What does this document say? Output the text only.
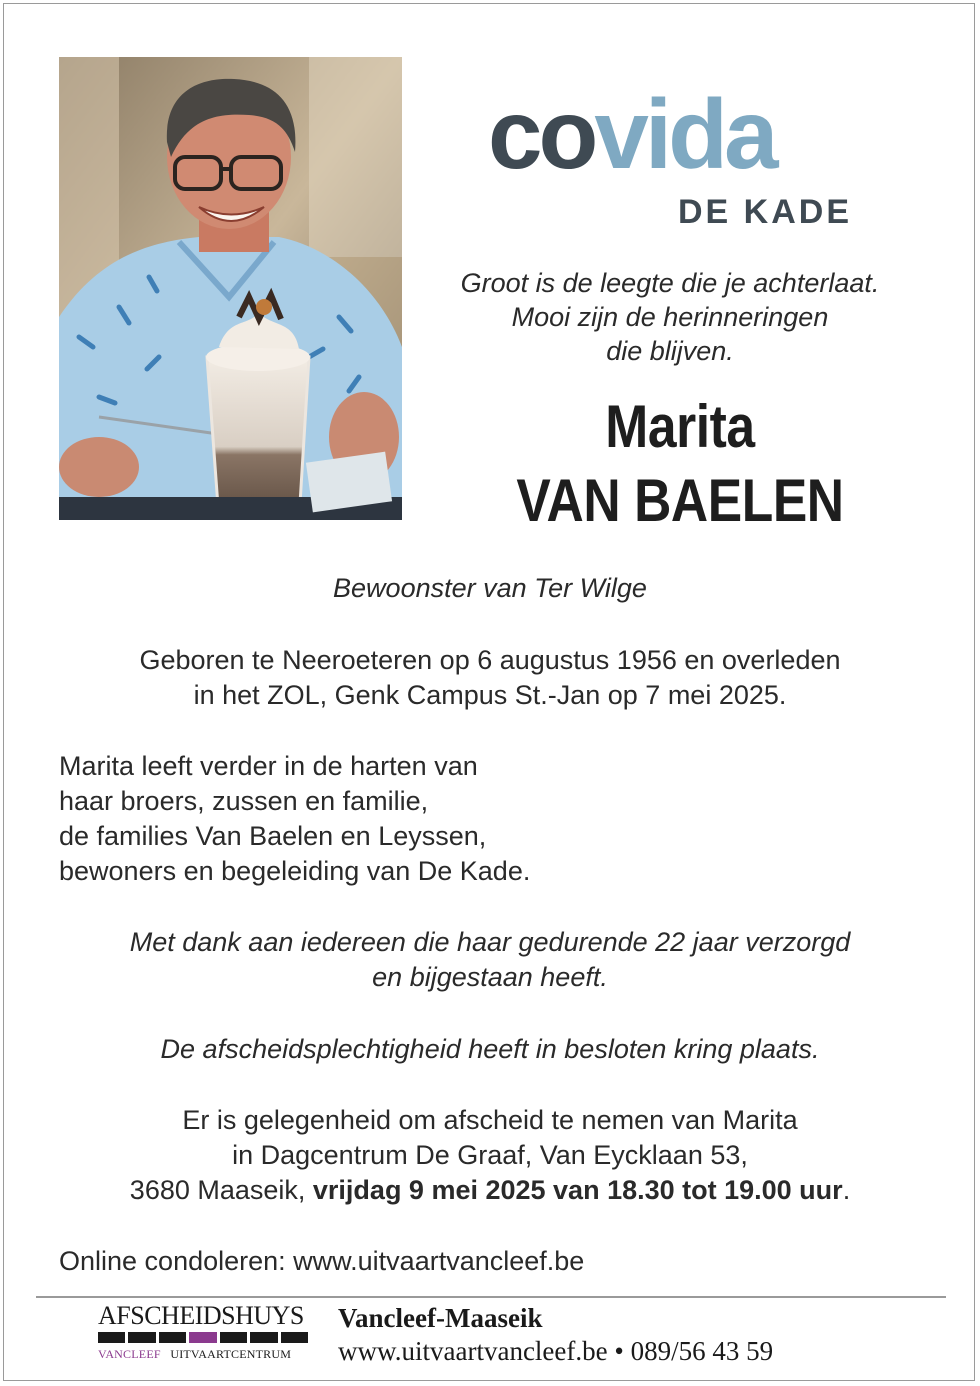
covida
DE KADE
Groot is de leegte die je achterlaat.
Mooi zijn de herinneringen
die blijven.
Marita
VAN BAELEN
Bewoonster van Ter Wilge
Geboren te Neeroeteren op 6 augustus 1956 en overleden
in het ZOL, Genk Campus St.-Jan op 7 mei 2025.
Marita leeft verder in de harten van
haar broers, zussen en familie,
de families Van Baelen en Leyssen,
bewoners en begeleiding van De Kade.
Met dank aan iedereen die haar gedurende 22 jaar verzorgd
en bijgestaan heeft.
De afscheidsplechtigheid heeft in besloten kring plaats.
Er is gelegenheid om afscheid te nemen van Marita
in Dagcentrum De Graaf, Van Eycklaan 53,
3680 Maaseik, vrijdag 9 mei 2025 van 18.30 tot 19.00 uur.
Online condoleren: www.uitvaartvancleef.be
AFSCHEIDSHUYS
VANCLEEF UITVAARTCENTRUM
Vancleef-Maaseik
www.uitvaartvancleef.be • 089/56 43 59
